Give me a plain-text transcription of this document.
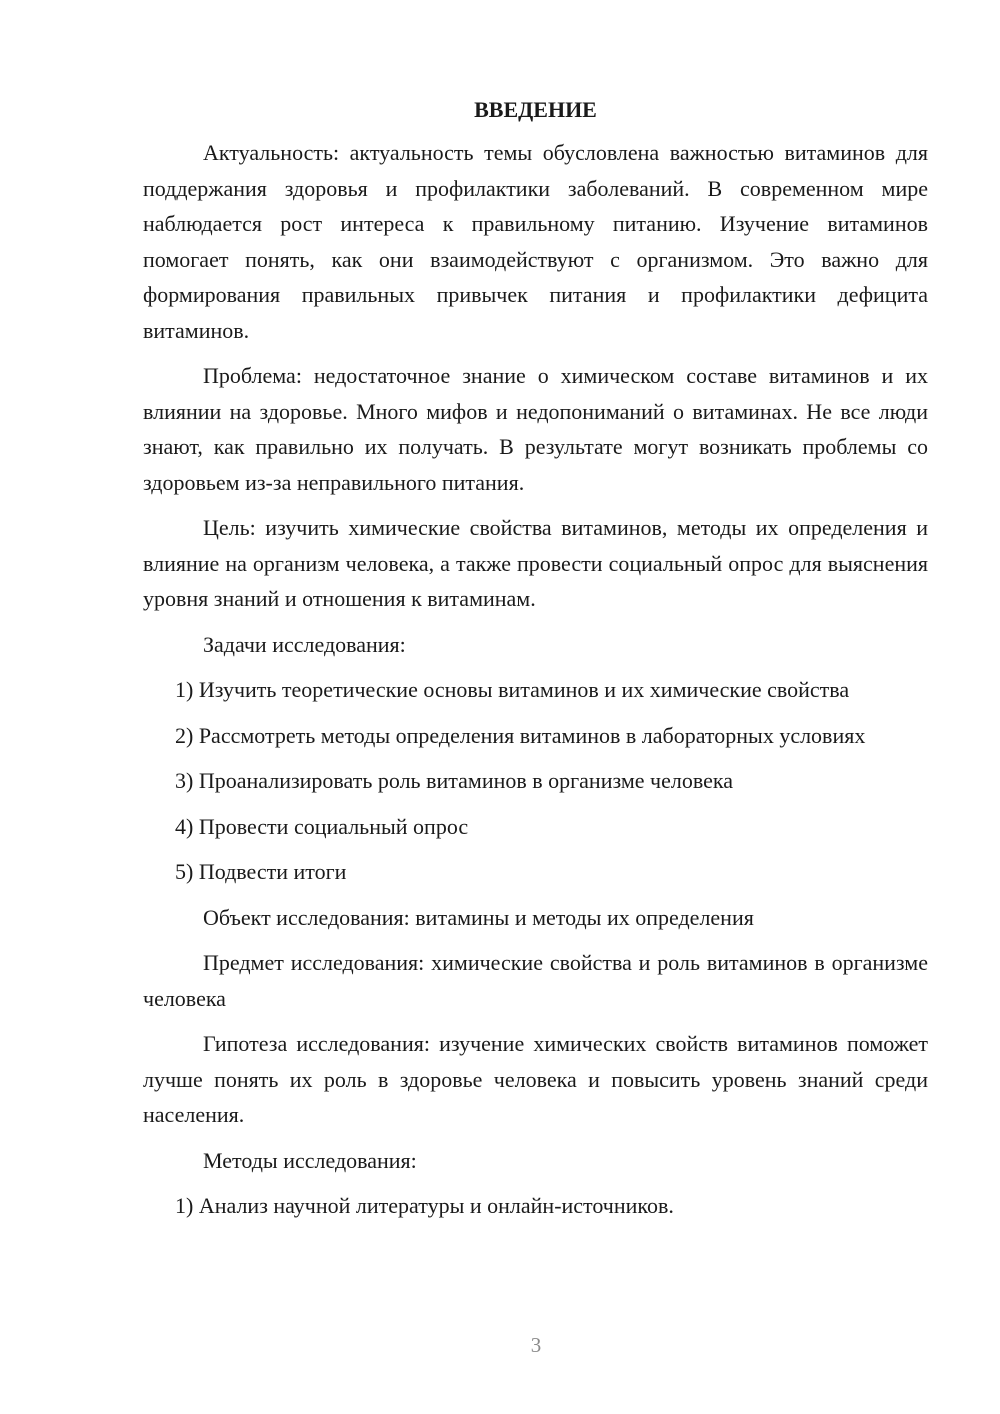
ВВЕДЕНИЕ

Актуальность: актуальность темы обусловлена важностью витаминов для поддержания здоровья и профилактики заболеваний. В современном мире наблюдается рост интереса к правильному питанию. Изучение витаминов помогает понять, как они взаимодействуют с организмом. Это важно для формирования правильных привычек питания и профилактики дефицита витаминов.

Проблема: недостаточное знание о химическом составе витаминов и их влиянии на здоровье. Много мифов и недопониманий о витаминах. Не все люди знают, как правильно их получать. В результате могут возникать проблемы со здоровьем из-за неправильного питания.

Цель: изучить химические свойства витаминов, методы их определения и влияние на организм человека, а также провести социальный опрос для выяснения уровня знаний и отношения к витаминам.

Задачи исследования:

1) Изучить теоретические основы витаминов и их химические свойства

2) Рассмотреть методы определения витаминов в лабораторных условиях

3) Проанализировать роль витаминов в организме человека

4) Провести социальный опрос

5) Подвести итоги

Объект исследования: витамины и методы их определения

Предмет исследования: химические свойства и роль витаминов в организме человека

Гипотеза исследования: изучение химических свойств витаминов поможет лучше понять их роль в здоровье человека и повысить уровень знаний среди населения.

Методы исследования:

1) Анализ научной литературы и онлайн-источников.

3
